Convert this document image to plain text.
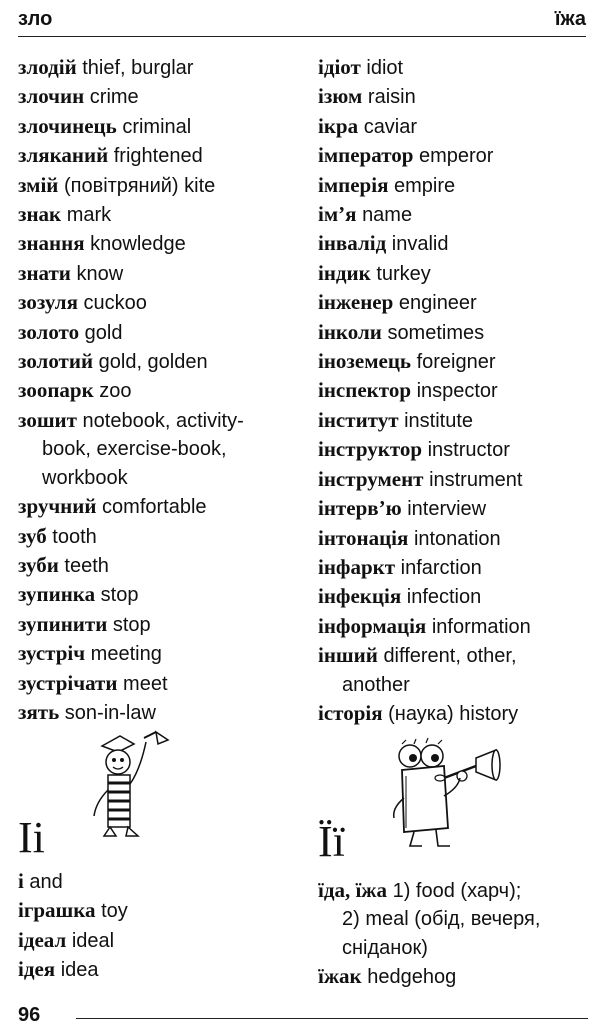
зло	їжа

злодій thief, burglar

злочин crime

злочинець criminal

зляканий frightened

змій (повітряний) kite

знак mark

знання knowledge

знати know

зозуля cuckoo

золото gold

золотий gold, golden

зоопарк zoo

зошит notebook, activity-

book, exercise-book,

workbook

зручний comfortable

зуб tooth

зуби teeth

зупинка stop

зупинити stop

зустріч meeting

зустрічати meet

зять son-in-law

ідіот idiot

ізюм raisin

ікра caviar

імператор emperor

імперія empire

ім’я name

інвалід invalid

індик turkey

інженер engineer

інколи sometimes

іноземець foreigner

інспектор inspector

інститут institute

інструктор instructor

інструмент instrument

інтерв’ю interview

інтонація intonation

інфаркт infarction

інфекція infection

інформація information

інший different, other,

another

історія (наука) history

Ii	Її

і and

іграшка toy

ідеал ideal

ідея idea

їда, їжа 1) food (харч);

2) meal (обід, вечеря,

сніданок)

їжак hedgehog

96
